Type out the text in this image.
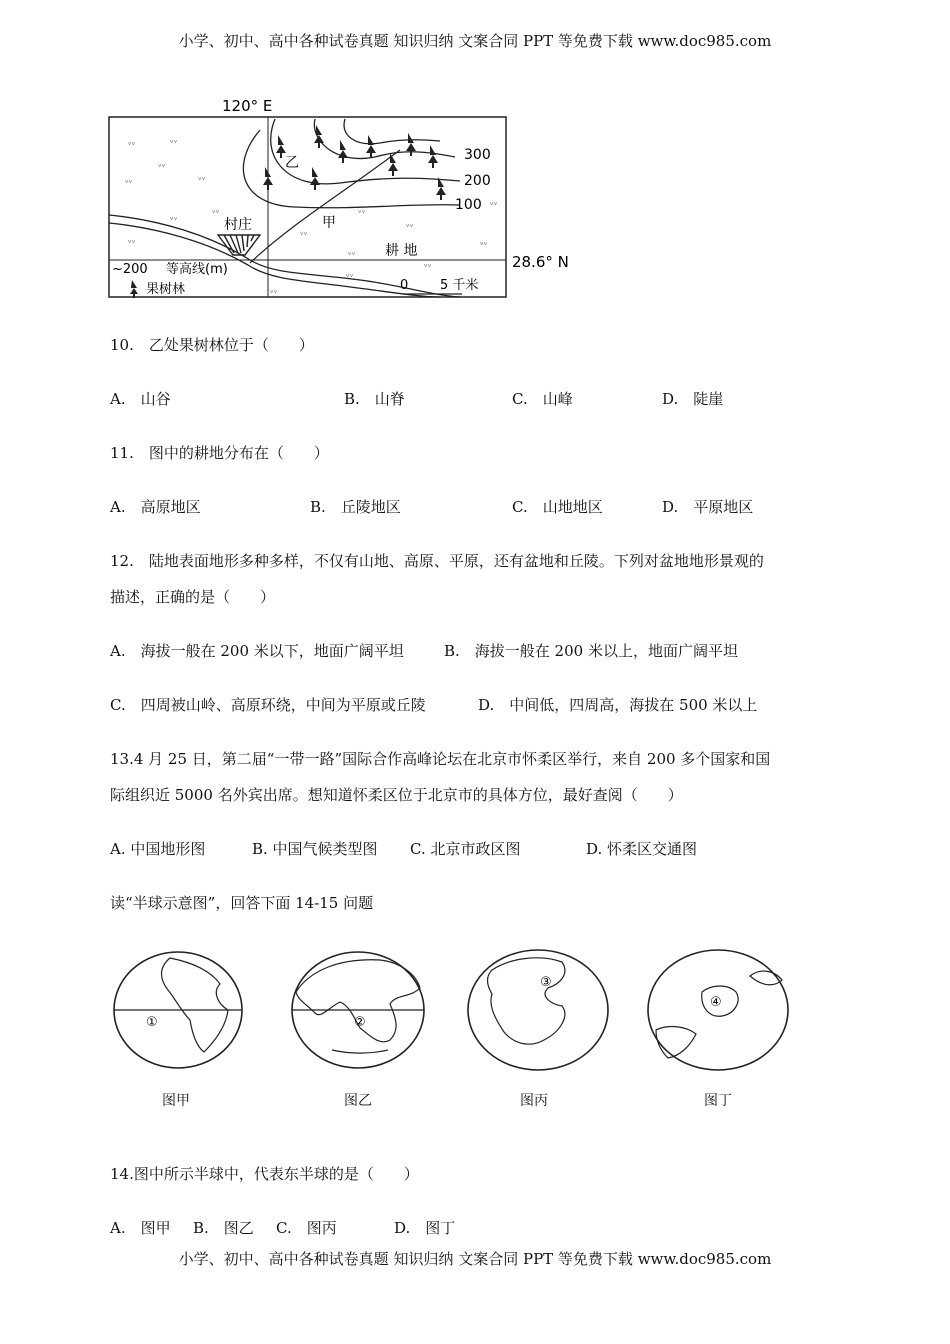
小学、初中、高中各种试卷真题 知识归纳 文案合同 PPT 等免费下载 www.doc985.com
120° E
300
200
100
村庄
乙
甲
耕 地
ᵥᵥ	ᵥᵥ
ᵥᵥ
ᵥᵥ
ᵥᵥ
ᵥᵥ
ᵥᵥ
ᵥᵥ
ᵥᵥ
ᵥᵥ
ᵥᵥ
ᵥᵥ
ᵥᵥ
ᵥᵥ
ᵥᵥ
ᵥᵥ
ᵥᵥ
~200 等高线(m)
果树林	0 5 千米
28.6° N
10.　乙处果树林位于（　　）
A.　山谷	B.　山脊	C.　山峰	D.　陡崖
11.　图中的耕地分布在（　　）
A.　高原地区	B.　丘陵地区	C.　山地地区	D.　平原地区
12.　陆地表面地形多种多样，不仅有山地、高原、平原，还有盆地和丘陵。下列对盆地地形景观的
描述，正确的是（　　）
A.　海拔一般在 200 米以下，地面广阔平坦	B.　海拔一般在 200 米以上，地面广阔平坦
C.　四周被山岭、高原环绕，中间为平原或丘陵	D.　中间低，四周高，海拔在 500 米以上
13.4 月 25 日，第二届“一带一路”国际合作高峰论坛在北京市怀柔区举行，来自 200 多个国家和国
际组织近 5000 名外宾出席。想知道怀柔区位于北京市的具体方位，最好查阅（　　）
A. 中国地形图	B. 中国气候类型图 C. 北京市政区图	D. 怀柔区交通图
读“半球示意图”，回答下面 14-15 问题
①	②
③
④
图甲	图乙	图丙	图丁
14.图中所示半球中，代表东半球的是（　　）
A.　图甲 B.　图乙 C.　图丙	D.　图丁
小学、初中、高中各种试卷真题 知识归纳 文案合同 PPT 等免费下载 www.doc985.com
